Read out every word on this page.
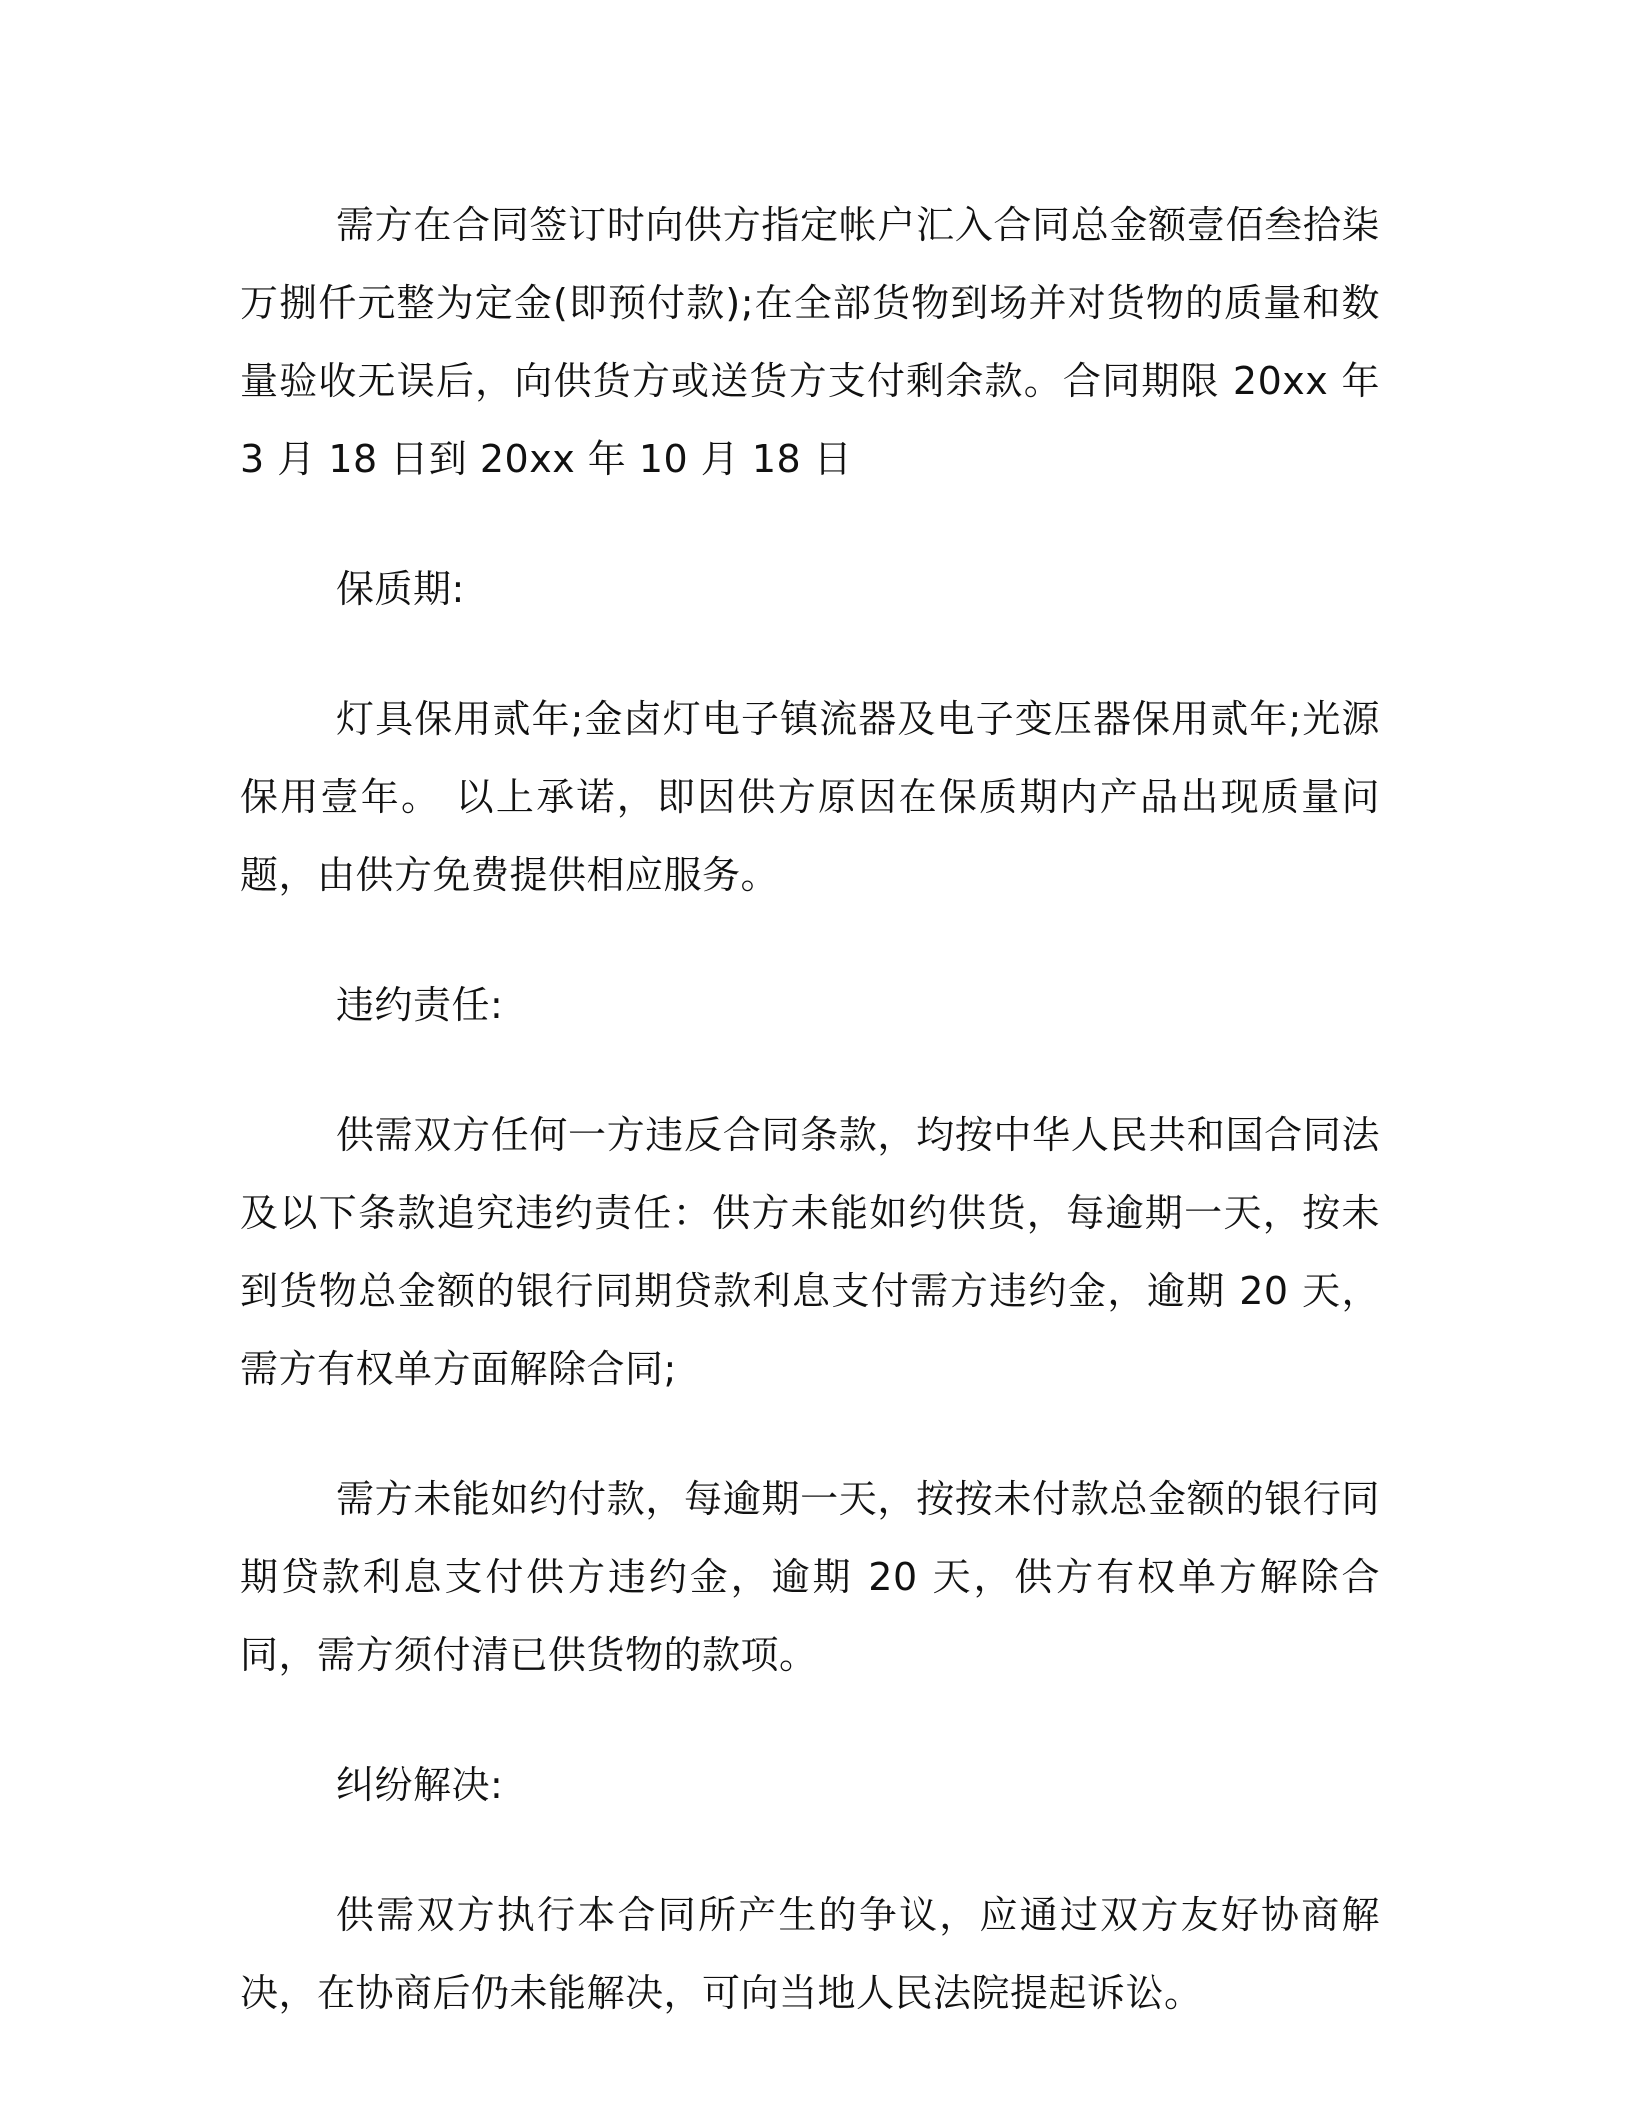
需方在合同签订时向供方指定帐户汇入合同总金额壹佰叁拾柒万捌仟元整为定金(即预付款);在全部货物到场并对货物的质量和数量验收无误后，向供货方或送货方支付剩余款。合同期限 20xx 年 3 月 18 日到 20xx 年 10 月 18 日

保质期:

灯具保用贰年;金卤灯电子镇流器及电子变压器保用贰年;光源保用壹年。 以上承诺，即因供方原因在保质期内产品出现质量问题，由供方免费提供相应服务。

违约责任:

供需双方任何一方违反合同条款，均按中华人民共和国合同法及以下条款追究违约责任：供方未能如约供货，每逾期一天，按未到货物总金额的银行同期贷款利息支付需方违约金，逾期 20 天，需方有权单方面解除合同;

需方未能如约付款，每逾期一天，按按未付款总金额的银行同期贷款利息支付供方违约金，逾期 20 天，供方有权单方解除合同，需方须付清已供货物的款项。

纠纷解决:

供需双方执行本合同所产生的争议，应通过双方友好协商解决，在协商后仍未能解决，可向当地人民法院提起诉讼。
